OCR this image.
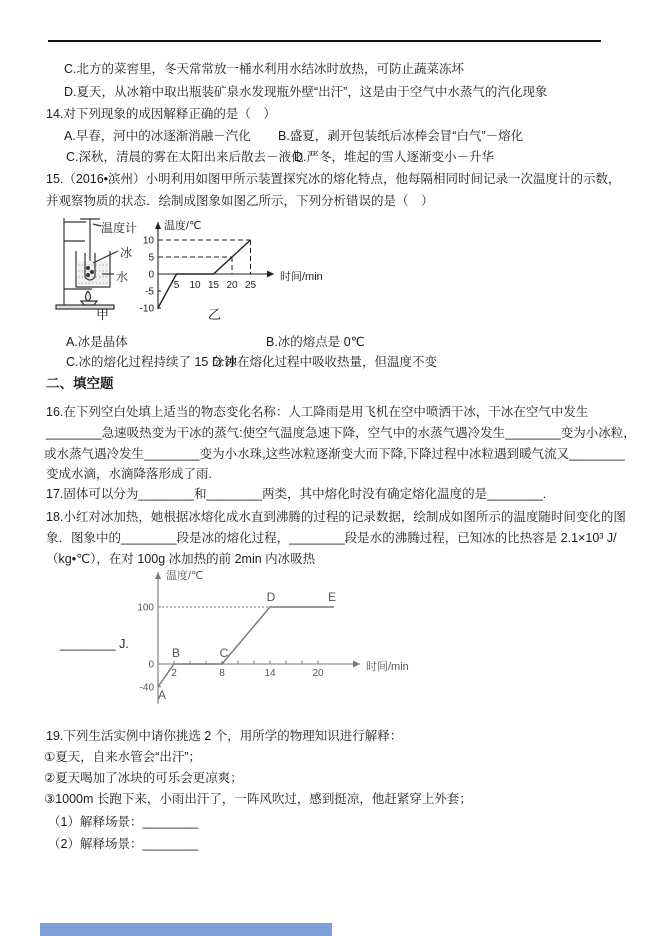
C.北方的菜窖里，冬天常常放一桶水利用水结冰时放热，可防止蔬菜冻坏
D.夏天，从冰箱中取出瓶装矿泉水发现瓶外壁“出汗”，这是由于空气中水蒸气的汽化现象
14.对下列现象的成因解释正确的是（　）
A.早春，河中的冰逐渐消融－汽化 B.盛夏，剥开包装纸后冰棒会冒“白气”－熔化
C.深秋，清晨的雾在太阳出来后散去－液化
D.严冬，堆起的雪人逐渐变小－升华
15.（2016•滨州）小明利用如图甲所示装置探究冰的熔化特点，他每隔相同时间记录一次温度计的示数，
并观察物质的状态．绘制成图象如图乙所示，下列分析错误的是（　）
温度计
冰
水
5 10 15 20 25
10
5
0
-5
-10
时间/min
温度/℃
甲	乙
A.冰是晶体	B.冰的熔点是 0℃
C.冰的熔化过程持续了 15 分钟
D.冰在熔化过程中吸收热量，但温度不变
二、填空题
16.在下列空白处填上适当的物态变化名称：人工降雨是用飞机在空中喷洒干冰，干冰在空气中发生
________急速吸热变为干冰的蒸气:使空气温度急速下降，空气中的水蒸气遇冷发生________变为小冰粒，
或水蒸气遇冷发生________变为小水珠,这些冰粒逐渐变大而下降,下降过程中冰粒遇到暖气流又________
变成水滴，水滴降落形成了雨.
17.固体可以分为________和________两类，其中熔化时没有确定熔化温度的是________.
18.小红对冰加热，她根据冰熔化成水直到沸腾的过程的记录数据，绘制成如图所示的温度随时间变化的图
象．图象中的________段是冰的熔化过程，________段是水的沸腾过程，已知冰的比热容是 2.1×10³ J/
（kg•℃），在对 100g 冰加热的前 2min 内冰吸热
________ J.
2	8	14	20
100
0
-40 A
B	C
D	E
时间/min
温度/℃
19.下列生活实例中请你挑选 2 个，用所学的物理知识进行解释：
①夏天，自来水管会“出汗”；
②夏天喝加了冰块的可乐会更凉爽；
③1000m 长跑下来，小雨出汗了，一阵风吹过，感到挺凉，他赶紧穿上外套；
（1）解释场景：________
（2）解释场景：________
